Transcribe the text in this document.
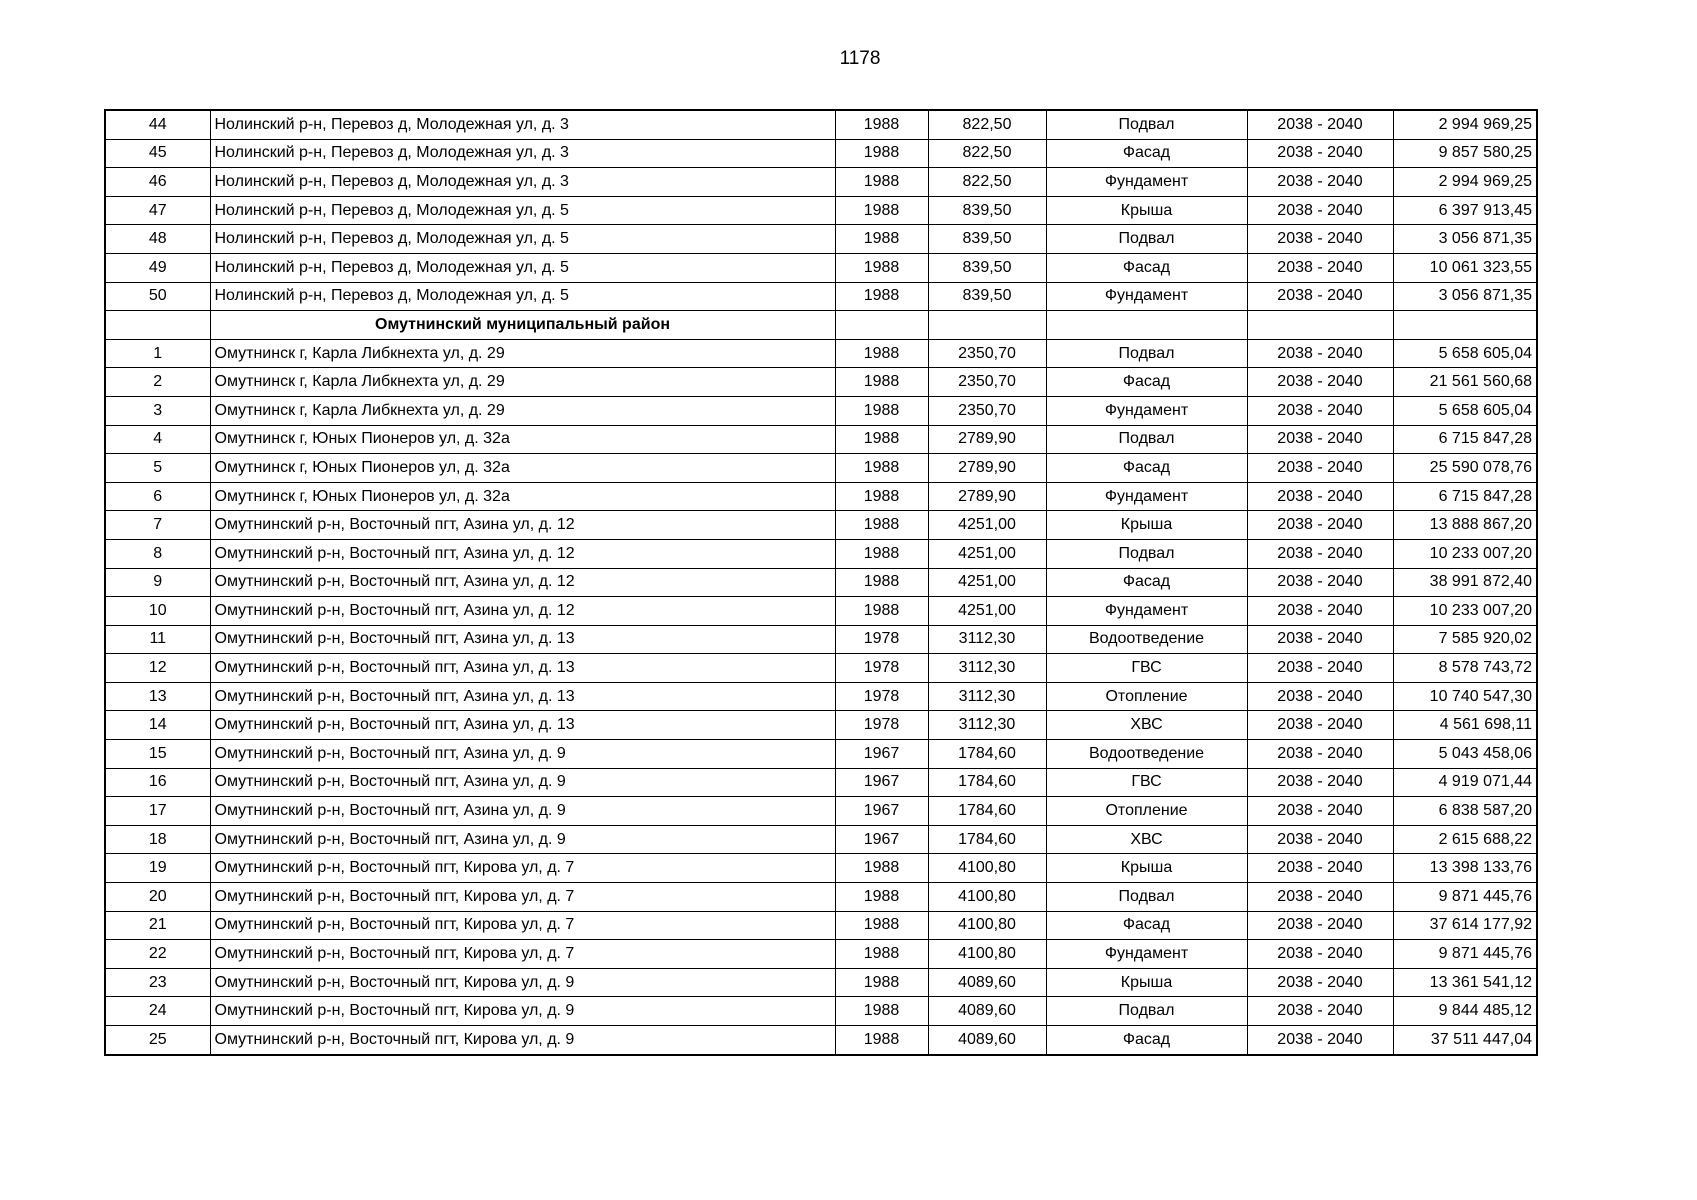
1178
44	Нолинский р-н, Перевоз д, Молодежная ул, д. 3	1988	822,50	Подвал	2038 - 2040	2 994 969,25
45	Нолинский р-н, Перевоз д, Молодежная ул, д. 3	1988	822,50	Фасад	2038 - 2040	9 857 580,25
46	Нолинский р-н, Перевоз д, Молодежная ул, д. 3	1988	822,50	Фундамент	2038 - 2040	2 994 969,25
47	Нолинский р-н, Перевоз д, Молодежная ул, д. 5	1988	839,50	Крыша	2038 - 2040	6 397 913,45
48	Нолинский р-н, Перевоз д, Молодежная ул, д. 5	1988	839,50	Подвал	2038 - 2040	3 056 871,35
49	Нолинский р-н, Перевоз д, Молодежная ул, д. 5	1988	839,50	Фасад	2038 - 2040	10 061 323,55
50	Нолинский р-н, Перевоз д, Молодежная ул, д. 5	1988	839,50	Фундамент	2038 - 2040	3 056 871,35
	Омутнинский муниципальный район					
1	Омутнинск г, Карла Либкнехта ул, д. 29	1988	2350,70	Подвал	2038 - 2040	5 658 605,04
2	Омутнинск г, Карла Либкнехта ул, д. 29	1988	2350,70	Фасад	2038 - 2040	21 561 560,68
3	Омутнинск г, Карла Либкнехта ул, д. 29	1988	2350,70	Фундамент	2038 - 2040	5 658 605,04
4	Омутнинск г, Юных Пионеров ул, д. 32а	1988	2789,90	Подвал	2038 - 2040	6 715 847,28
5	Омутнинск г, Юных Пионеров ул, д. 32а	1988	2789,90	Фасад	2038 - 2040	25 590 078,76
6	Омутнинск г, Юных Пионеров ул, д. 32а	1988	2789,90	Фундамент	2038 - 2040	6 715 847,28
7	Омутнинский р-н, Восточный пгт, Азина ул, д. 12	1988	4251,00	Крыша	2038 - 2040	13 888 867,20
8	Омутнинский р-н, Восточный пгт, Азина ул, д. 12	1988	4251,00	Подвал	2038 - 2040	10 233 007,20
9	Омутнинский р-н, Восточный пгт, Азина ул, д. 12	1988	4251,00	Фасад	2038 - 2040	38 991 872,40
10	Омутнинский р-н, Восточный пгт, Азина ул, д. 12	1988	4251,00	Фундамент	2038 - 2040	10 233 007,20
11	Омутнинский р-н, Восточный пгт, Азина ул, д. 13	1978	3112,30	Водоотведение	2038 - 2040	7 585 920,02
12	Омутнинский р-н, Восточный пгт, Азина ул, д. 13	1978	3112,30	ГВС	2038 - 2040	8 578 743,72
13	Омутнинский р-н, Восточный пгт, Азина ул, д. 13	1978	3112,30	Отопление	2038 - 2040	10 740 547,30
14	Омутнинский р-н, Восточный пгт, Азина ул, д. 13	1978	3112,30	ХВС	2038 - 2040	4 561 698,11
15	Омутнинский р-н, Восточный пгт, Азина ул, д. 9	1967	1784,60	Водоотведение	2038 - 2040	5 043 458,06
16	Омутнинский р-н, Восточный пгт, Азина ул, д. 9	1967	1784,60	ГВС	2038 - 2040	4 919 071,44
17	Омутнинский р-н, Восточный пгт, Азина ул, д. 9	1967	1784,60	Отопление	2038 - 2040	6 838 587,20
18	Омутнинский р-н, Восточный пгт, Азина ул, д. 9	1967	1784,60	ХВС	2038 - 2040	2 615 688,22
19	Омутнинский р-н, Восточный пгт, Кирова ул, д. 7	1988	4100,80	Крыша	2038 - 2040	13 398 133,76
20	Омутнинский р-н, Восточный пгт, Кирова ул, д. 7	1988	4100,80	Подвал	2038 - 2040	9 871 445,76
21	Омутнинский р-н, Восточный пгт, Кирова ул, д. 7	1988	4100,80	Фасад	2038 - 2040	37 614 177,92
22	Омутнинский р-н, Восточный пгт, Кирова ул, д. 7	1988	4100,80	Фундамент	2038 - 2040	9 871 445,76
23	Омутнинский р-н, Восточный пгт, Кирова ул, д. 9	1988	4089,60	Крыша	2038 - 2040	13 361 541,12
24	Омутнинский р-н, Восточный пгт, Кирова ул, д. 9	1988	4089,60	Подвал	2038 - 2040	9 844 485,12
25	Омутнинский р-н, Восточный пгт, Кирова ул, д. 9	1988	4089,60	Фасад	2038 - 2040	37 511 447,04
